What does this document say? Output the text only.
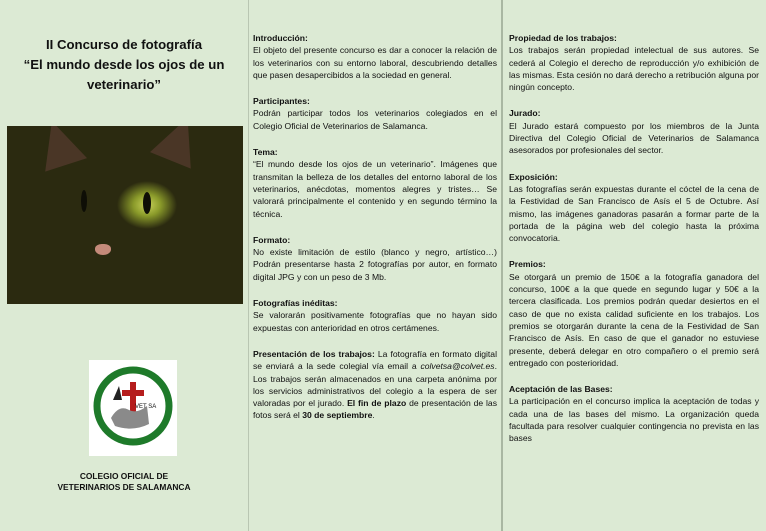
II Concurso de fotografía
“El mundo desde los ojos de un veterinario”
VET SA
COLEGIO OFICIAL DE
VETERINARIOS DE SALAMANCA
Introducción:

El objeto del presente concurso es dar a conocer la relación de los veterinarios con su entorno laboral, descubriendo detalles que pasen desapercibidos a la sociedad en general.

Participantes:

Podrán participar todos los veterinarios colegiados en el Colegio Oficial de Veterinarios de Salamanca.

Tema:

“El mundo desde los ojos de un veterinario”. Imágenes que transmitan la belleza de los detalles del entorno laboral de los veterinarios, anécdotas, momentos alegres y tristes… Se valorará principalmente el contenido y en segundo término la técnica.

Formato:

No existe limitación de estilo (blanco y negro, artístico…) Podrán presentarse hasta 2 fotografías por autor, en formato digital JPG y con un peso de 3 Mb.

Fotografías inéditas:

Se valorarán positivamente fotografías que no hayan sido expuestas con anterioridad en otros certámenes.

Presentación de los trabajos: La fotografía en formato digital se enviará a la sede colegial vía email a colvetsa@colvet.es. Los trabajos serán almacenados en una carpeta anónima por los servicios administrativos del colegio a la espera de ser valoradas por el jurado. El fin de plazo de presentación de las fotos será el 30 de septiembre.

Propiedad de los trabajos:

Los trabajos serán propiedad intelectual de sus autores. Se cederá al Colegio el derecho de reproducción y/o exhibición de las mismas. Esta cesión no dará derecho a retribución alguna por ningún concepto.

Jurado:

El Jurado estará compuesto por los miembros de la Junta Directiva del Colegio Oficial de Veterinarios de Salamanca asesorados por profesionales del sector.

Exposición:

Las fotografías serán expuestas durante el cóctel de la cena de la Festividad de San Francisco de Asís el 5 de Octubre. Así mismo, las imágenes ganadoras pasarán a formar parte de la portada de la página web del colegio hasta la próxima convocatoria.

Premios:

Se otorgará un premio de 150€ a la fotografía ganadora del concurso, 100€ a la que quede en segundo lugar y 50€ a la tercera clasificada. Los premios podrán quedar desiertos en el caso de que no exista calidad suficiente en los trabajos. Los premios se otorgarán durante la cena de la Festividad de San Francisco de Asís. En caso de que el ganador no estuviese presente, deberá delegar en otro compañero o el premio será entregado con posterioridad.

Aceptación de las Bases:

La participación en el concurso implica la aceptación de todas y cada una de las bases del mismo. La organización queda facultada para resolver cualquier contingencia no prevista en las bases
